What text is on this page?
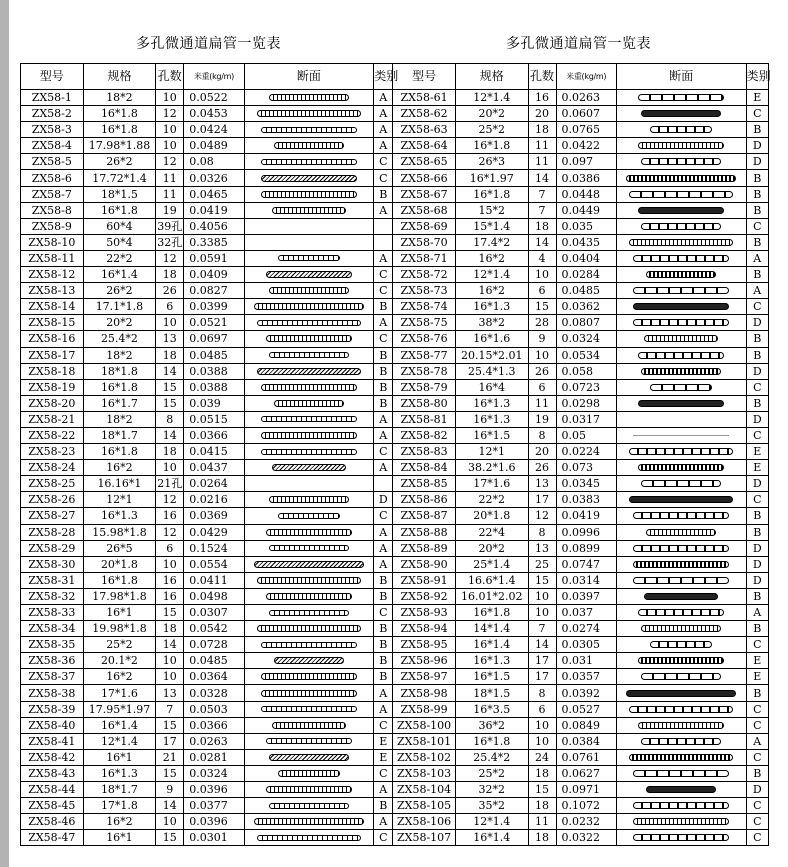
多孔微通道扁管一览表	多孔微通道扁管一览表
型号	规格	孔数	米重(kg/m)	断面	类别	型号	规格	孔数	米重(kg/m)	断面	类别
ZX58-1	18*2	10	0.0522		A	ZX58-61	12*1.4	16	0.0263		E
ZX58-2	16*1.8	12	0.0453		A	ZX58-62	20*2	20	0.0607		C
ZX58-3	16*1.8	10	0.0424		A	ZX58-63	25*2	18	0.0765		B
ZX58-4	17.98*1.88	10	0.0489		A	ZX58-64	16*1.8	11	0.0422		D
ZX58-5	26*2	12	0.08		C	ZX58-65	26*3	11	0.097		D
ZX58-6	17.72*1.4	11	0.0326		C	ZX58-66	16*1.97	14	0.0386		B
ZX58-7	18*1.5	11	0.0465		B	ZX58-67	16*1.8	7	0.0448		B
ZX58-8	16*1.8	19	0.0419		A	ZX58-68	15*2	7	0.0449		B
ZX58-9	60*4	39孔	0.4056			ZX58-69	15*1.4	18	0.035		C
ZX58-10	50*4	32孔	0.3385			ZX58-70	17.4*2	14	0.0435		B
ZX58-11	22*2	12	0.0591		A	ZX58-71	16*2	4	0.0404		A
ZX58-12	16*1.4	18	0.0409		C	ZX58-72	12*1.4	10	0.0284		B
ZX58-13	26*2	26	0.0827		C	ZX58-73	16*2	6	0.0485		A
ZX58-14	17.1*1.8	6	0.0399		B	ZX58-74	16*1.3	15	0.0362		C
ZX58-15	20*2	10	0.0521		A	ZX58-75	38*2	28	0.0807		D
ZX58-16	25.4*2	13	0.0697		C	ZX58-76	16*1.6	9	0.0324		B
ZX58-17	18*2	18	0.0485		B	ZX58-77	20.15*2.01	10	0.0534		B
ZX58-18	18*1.8	14	0.0388		B	ZX58-78	25.4*1.3	26	0.058		D
ZX58-19	16*1.8	15	0.0388		B	ZX58-79	16*4	6	0.0723		C
ZX58-20	16*1.7	15	0.039		B	ZX58-80	16*1.3	11	0.0298		B
ZX58-21	18*2	8	0.0515		A	ZX58-81	16*1.3	19	0.0317		D
ZX58-22	18*1.7	14	0.0366		A	ZX58-82	16*1.5	8	0.05		C
ZX58-23	16*1.8	18	0.0415		C	ZX58-83	12*1	20	0.0224		E
ZX58-24	16*2	10	0.0437		A	ZX58-84	38.2*1.6	26	0.073		E
ZX58-25	16.16*1	21孔	0.0264			ZX58-85	17*1.6	13	0.0345		D
ZX58-26	12*1	12	0.0216		D	ZX58-86	22*2	17	0.0383		C
ZX58-27	16*1.3	16	0.0369		C	ZX58-87	20*1.8	12	0.0419		B
ZX58-28	15.98*1.8	12	0.0429		A	ZX58-88	22*4	8	0.0996		B
ZX58-29	26*5	6	0.1524		A	ZX58-89	20*2	13	0.0899		D
ZX58-30	20*1.8	10	0.0554		A	ZX58-90	25*1.4	25	0.0747		D
ZX58-31	16*1.8	16	0.0411		B	ZX58-91	16.6*1.4	15	0.0314		D
ZX58-32	17.98*1.8	16	0.0498		B	ZX58-92	16.01*2.02	10	0.0397		B
ZX58-33	16*1	15	0.0307		C	ZX58-93	16*1.8	10	0.037		A
ZX58-34	19.98*1.8	18	0.0542		B	ZX58-94	14*1.4	7	0.0274		B
ZX58-35	25*2	14	0.0728		B	ZX58-95	16*1.4	14	0.0305		C
ZX58-36	20.1*2	10	0.0485		B	ZX58-96	16*1.3	17	0.031		E
ZX58-37	16*2	10	0.0364		B	ZX58-97	16*1.5	17	0.0357		E
ZX58-38	17*1.6	13	0.0328		A	ZX58-98	18*1.5	8	0.0392		B
ZX58-39	17.95*1.97	7	0.0503		A	ZX58-99	16*3.5	6	0.0527		C
ZX58-40	16*1.4	15	0.0366		C	ZX58-100	36*2	10	0.0849		C
ZX58-41	12*1.4	17	0.0263		E	ZX58-101	16*1.8	10	0.0384		A
ZX58-42	16*1	21	0.0281		E	ZX58-102	25.4*2	24	0.0761		C
ZX58-43	16*1.3	15	0.0324		C	ZX58-103	25*2	18	0.0627		B
ZX58-44	18*1.7	9	0.0396		A	ZX58-104	32*2	15	0.0971		D
ZX58-45	17*1.8	14	0.0377		B	ZX58-105	35*2	18	0.1072		C
ZX58-46	16*2	10	0.0396		A	ZX58-106	12*1.4	11	0.0232		C
ZX58-47	16*1	15	0.0301		C	ZX58-107	16*1.4	18	0.0322		C
